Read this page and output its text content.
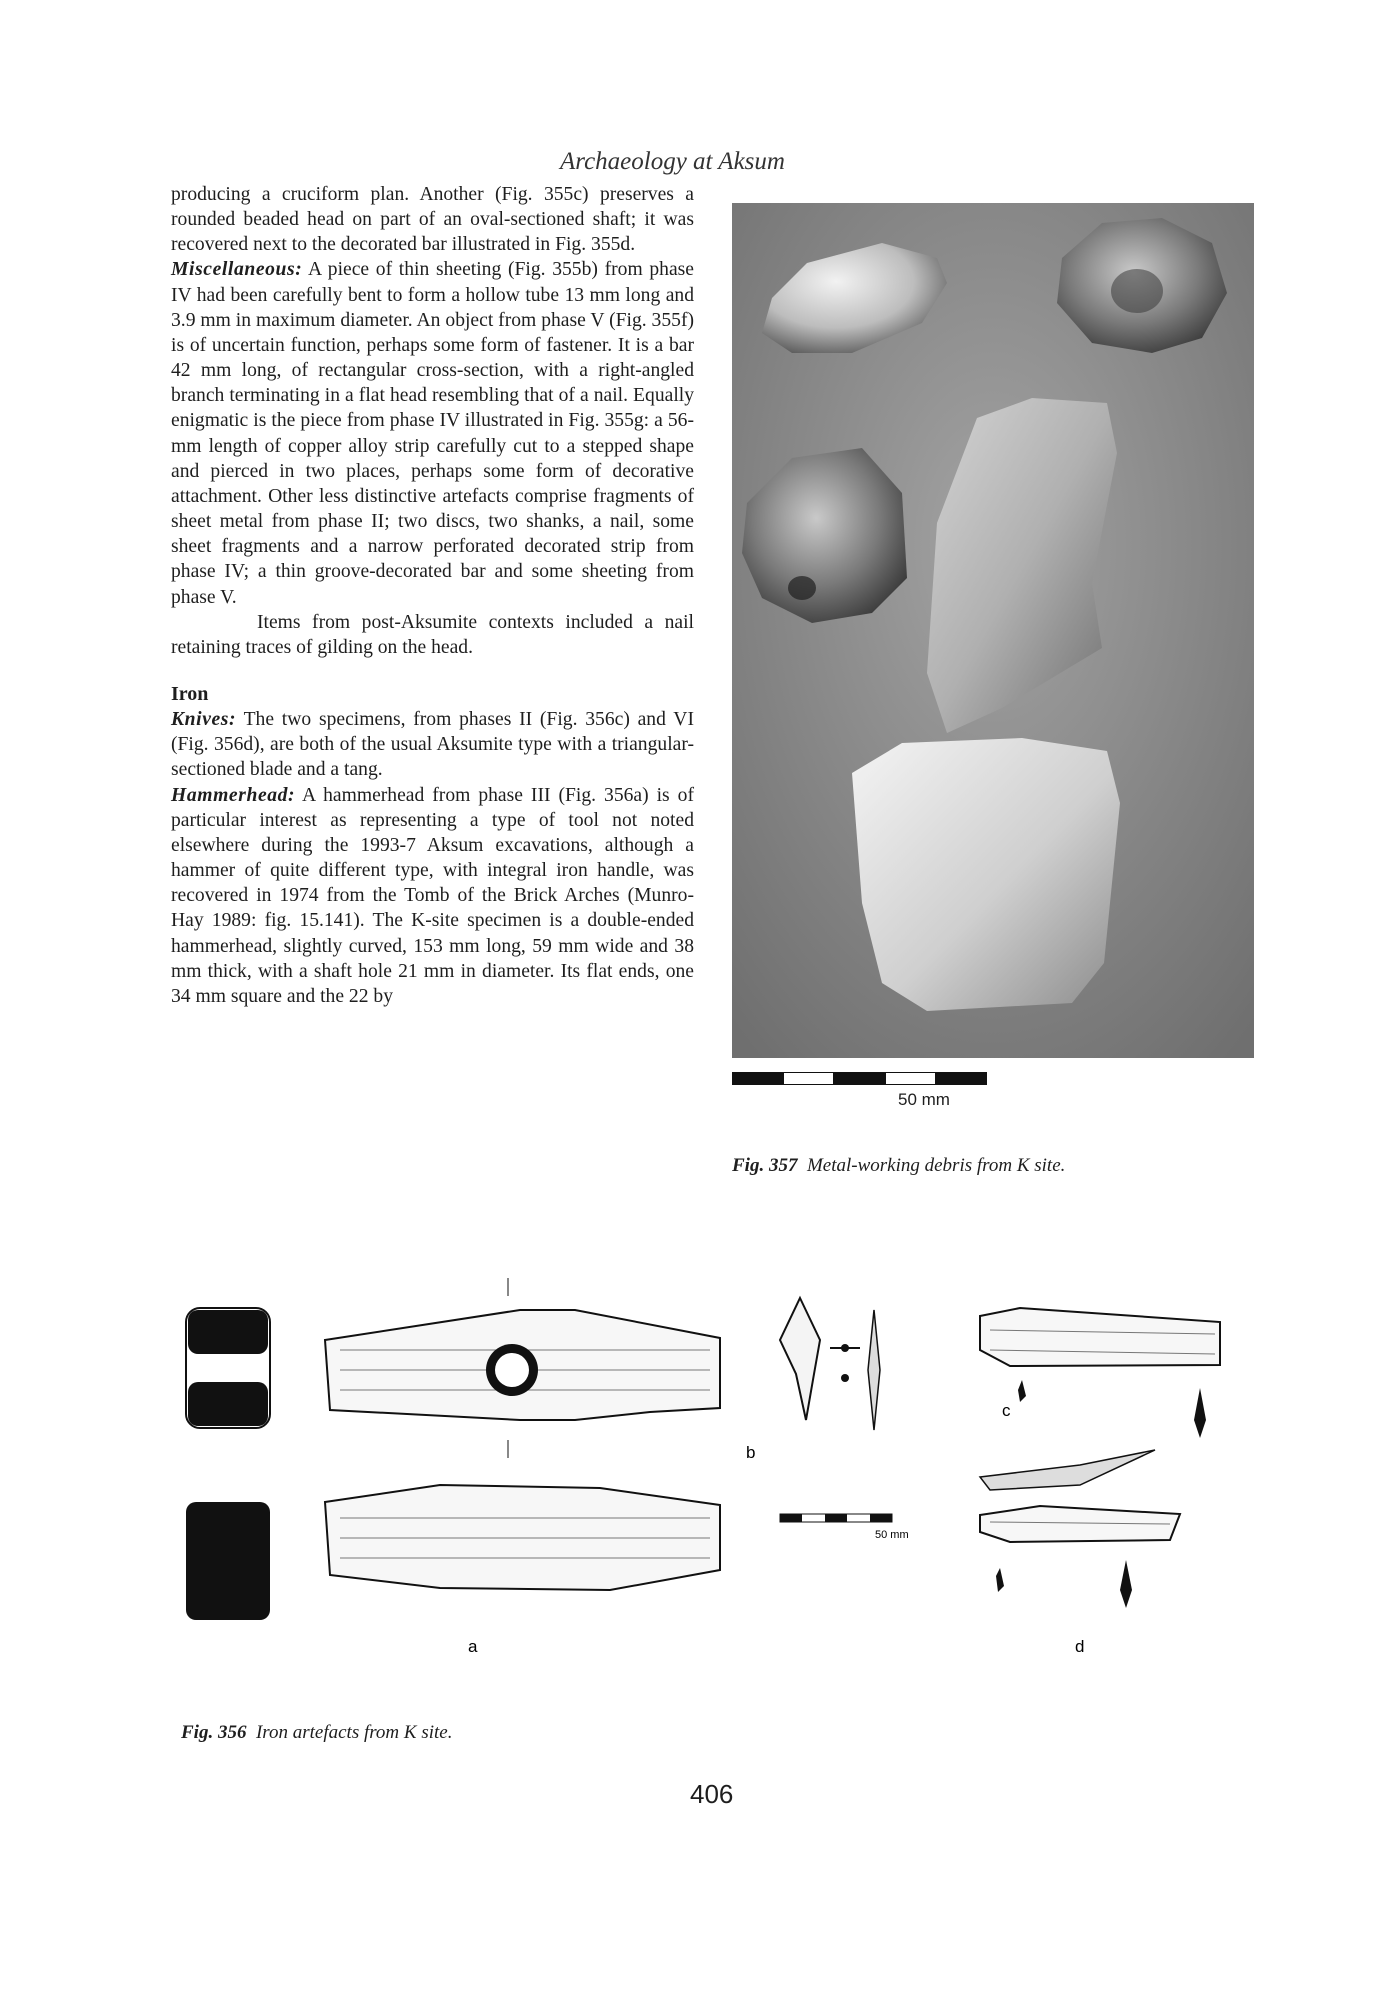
Archaeology at Aksum

producing a cruciform plan. Another (Fig. 355c) preserves a rounded beaded head on part of an oval-sectioned shaft; it was recovered next to the decorated bar illustrated in Fig. 355d.

Miscellaneous: A piece of thin sheeting (Fig. 355b) from phase IV had been carefully bent to form a hollow tube 13 mm long and 3.9 mm in maximum diameter. An object from phase V (Fig. 355f) is of uncertain function, perhaps some form of fastener. It is a bar 42 mm long, of rectangular cross-section, with a right-angled branch terminating in a flat head resembling that of a nail. Equally enigmatic is the piece from phase IV illustrated in Fig. 355g: a 56-mm length of copper alloy strip carefully cut to a stepped shape and pierced in two places, perhaps some form of decorative attachment. Other less distinctive artefacts comprise fragments of sheet metal from phase II; two discs, two shanks, a nail, some sheet fragments and a narrow perforated decorated strip from phase IV; a thin groove-decorated bar and some sheeting from phase V.

Items from post-Aksumite contexts included a nail retaining traces of gilding on the head.

Iron

Knives: The two specimens, from phases II (Fig. 356c) and VI (Fig. 356d), are both of the usual Aksumite type with a triangular-sectioned blade and a tang.

Hammerhead: A hammerhead from phase III (Fig. 356a) is of particular interest as representing a type of tool not noted elsewhere during the 1993-7 Aksum excavations, although a hammer of quite different type, with integral iron handle, was recovered in 1974 from the Tomb of the Brick Arches (Munro-Hay 1989: fig. 15.141). The K-site specimen is a double-ended hammerhead, slightly curved, 153 mm long, 59 mm wide and 38 mm thick, with a shaft hole 21 mm in diameter. Its flat ends, one 34 mm square and the 22 by

50 mm
Fig. 357 Metal-working debris from K site.
a
b
c
d
50 mm
Fig. 356 Iron artefacts from K site.
406
